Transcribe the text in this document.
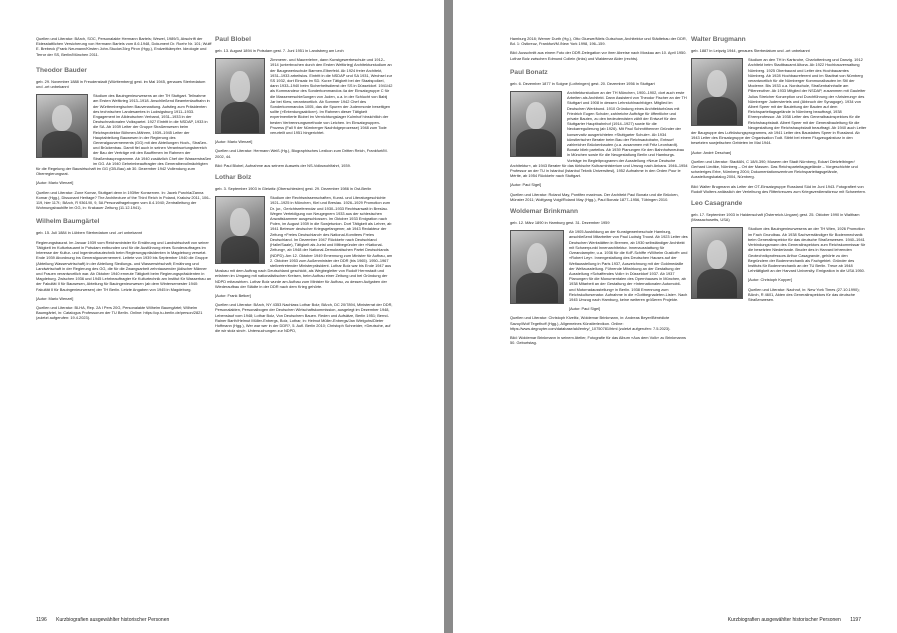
Quellen und Literatur: BArch, SOC, Personalakte Hermann Bartels; Wewel, 1989/3, Abschrift der Eidesstattlichen Versicherung von Hermann Bartels vom 8.6.1948, Dokument Dr. Roehr Nr. 101; Wulff E. Brebeck (Frank Neumann/Kirsten John-Stucke/Jörg Piron (Hgg.), Endzeitkämpfer. Ideologie und Terror der SS, Berlin/München 2011.

Theodor Bauder

geb. 29. November 1888 in Freudenstadt (Württemberg) gest. im Mai 1945, genaues Sterbedatum und -ort unbekannt

Studium des Bauingenieurwesens an der TH Stuttgart. Teilnahme am Ersten Weltkrieg 1913–1918. Anschließend Beamtenlaufbahn in der Württembergischen Bauverwaltung. Aufstieg zum Präsidenten des technischen Landesamtes in Ludwigsburg 1911–1933. Engagement im Alldeutschen Verband, 1931–1933 in der Deutschnationalen Volkspartei. 1927 Eintritt in die NSDAP, 1933 in die SA. Ab 1939 Leiter der Gruppe Straßenwesen beim Reichsprotektor Böhmen-Mähren, 1939–1945 Leiter der Hauptabteilung Bauwesen in der Regierung des Generalgouvernements (GG) mit den Abteilungen Hoch-, Straßen- und Brückenbau. Damit fiel auch in seinen Verantwortungsbereich der Bau der Verträge mit den Bauffirmen im Rahmen der Straßenbauprogramme. Ab 1940 zusätzlich Chef der Wasserstraßen im GG. Ab 1940 Geheimbeauftragter des Generalbevollmächtigten für die Regelung der Bauwirtschaft im GG (GB-Bau) ab 30. Dezember 1942 Vollendung zum Oberregierungsrat.

[Autor: Mario Wenzel]

Quellen und Literatur: Zone Komar, Stuttgart denn in 1939er Konserven. In: Jacek Purchla/Zanna Komar (Hgg.), Dissonant Heritage? The Architecture of the Third Reich in Poland, Kraków 2011, 106–119, hier 117f.; BArch, R 9361/III, 9, 5A Personalfragebogen vom 8.4.1940; Zentralleitung der Wohnungsbauhilfe im GG, in: Krakauer Zeitung (11.12.1941).

Wilhelm Baumgärtel

geb. 15. Juli 1884 in Lübben Sterbedatum und -ort unbekannt

Regierungsbaurat. Im Januar 1939 vom Reichsminister für Ernährung und Landwirtschaft von seiner Tätigkeit im Kulturbauamt in Potsdam entbunden und für die Ausführung eines Sonderauftrages im Interesse der Kultur- und Ingenieurbautechnik beim Regierungspräsidenten in Magdeburg versetzt. Ende 1939 Abordnung ins Generalgouvernement. Leitete von 1939 bis September 1940 die Gruppe (Abteilung Wasserwirtschaft) in der Abteilung Siedlungs- und Wasserwirtschaft; Ernährung und Landwirtschaft in der Regierung des GG, die für die Zwangsarbeit zehntausender jüdischer Männer und Frauen verantwortlich war. Ab Oktober 1940 erneute Tätigkeit beim Regierungspräsidenten in Magdeburg. Zwischen 1936 und 1945 Lehrbeauftragter für Kulturtechnik am Institut für Wasserbau an der Fakultät II für Bauwesen, Abteilung für Bauingenieurwesen (ab dem Wintersemester 1940: Fakultät II für Bauingenieurwesen) der TH Berlin. Letzte Angaben von 1945 in Magdeburg.

[Autor: Mario Wenzel]

Quellen und Literatur: BLHA, Rep. 2A I Pers 20G, Personalakte Wilhelm Baumgärtel; Wilhelm Baumgärtel, in: Catalogus Professorum der TU Berlin. Online: https://cp.tu-berlin.de/person/2821 (zuletzt aufgerufen: 19.4.2023).

Paul Blobel

geb. 13. August 1894 in Potsdam gest. 7. Juni 1951 in Landsberg am Lech

Zimmerer- und Maurerlehre, dann Kunstgewerbeschule und 1912–1914 (unterbrochen durch den Ersten Weltkrieg) Architekturstudium an der Baugewerkschule Barmen-Elberfeld. Ab 1924 freier Architekt, 1931–1933 arbeitslos. Eintritt in die NSDAP und SA 1931, Wechsel zur SS 1932, dort Einsatz im SD. Kurze Tätigkeit bei der Staatspolizei, dann 1933–1940 beim Sicherheitsdienst der SS in Düsseldorf. 1941/42 als Kommandeur des Sonderkommandos 4a der Einsatzgruppe C für die Massenerschießungen von Juden, u.a. in der Schlucht von Babij Jar bei Kiew, verantwortlich. Ab Sommer 1942 Chef des Sonderkommandos 1005, das die Spuren der Judenmorde beseitigen sollte (»Enterdungsaktion«). Im Rahmen dieser Tätigkeit experimentierte Blobel im Vernichtungslager Kulmhof hinsichtlich der besten Verbrennungsmethode von Leichen. Im Einsatzgruppen-Prozess (Fall 9 der Nürnberger Nachfolgeprozesse) 1948 zum Tode verurteilt und 1951 hingerichtet.

[Autor: Mario Wenzel]

Quellen und Literatur: Hermann Weiß (Hg.), Biographisches Lexikon zum Dritten Reich, Frankfurt/M. 2002, 44.

Bild: Paul Blobel, Aufnahme aus seinem Ausweis der NS-Volkswohlfahrt, 1939.

Lothar Bolz

geb. 3. September 1903 in Gleiwitz (Oberschlesien) gest. 29. Dezember 1986 in Ost-Berlin

Studium der Rechtswissenschaften, Kunst- und Literaturgeschichte 1921–1925 in München, Kiel und Breslau. 1926–1929 Promotion zum Dr. jur., Gerichtsreferendar und 1930–1933 Rechtsanwalt in Breslau. Wegen Verteidigung von Neugegnern 1933 aus der schlesischen Anwaltskammer ausgeschlossen. Im Oktober 1933 Emigration nach Polen, im August 1939 in die Sowjetunion. Dort Tätigkeit als Lehrer, ab 1941 Betreuer deutscher Kriegsgefangener, ab 1943 Redakteur der Zeitung »Freies Deutschland« des National-Komitees Freies Deutschland. Im Dezember 1947 Rückkehr nach Deutschland (Halle/Saale), Tätigkeit als Jurist und Mitbegründer der »National-Zeitung«, ab 1948 der National-Demokratischen Partei Deutschlands (NDPD). Am 12. Oktober 1949 Ernennung zum Minister für Aufbau, am 2. Oktober 1953 zum Außenminister der DDR (bis 1965). 1950–1967 stellvertretender Ministerpräsident. Lothar Bolz war bis Ende 1947 aus Moskau mit dem Auftrag nach Deutschland geschickt, als Wegbegleiter von Rudolf Herrnstadt und erfahren im Umgang mit nationalistischen Kreisen, beim Aufbau einer Zeitung und bei Gründung der NDPD mitzuwirken. Lothar Bolz wurde am Aufbau zum Minister für Aufbau, zu dessen Aufgaben der Wiederaufbau der Städte in der DDR nach dem Krieg gehörte.

[Autor: Frank Betker]

Quellen und Literatur: BArch, NY 4353 Nachlass Lothar Bolz; BArch, DC 20/7894, Ministerrat der DDR, Personalakten, Personalbogen der Deutschen Wirtschaftskommission, ausgelegt im Dezember 1948, Lebenslauf vom 1948; Lothar Bolz, Von Deutschem Bauen. Reden und Aufsätze, Berlin 1951; Bernd-Rainer Barth/Helmut Müller-Enbergs, Bolz, Lothar, in: Helmut Müller-Enbergs/Jan Wielgohs/Dieter Hoffmann (Hgg.), Wer war wer in der DDR?, 5. Aufl. Berlin 2010; Christoph Schneider, »Deutsche, auf die wir stolz sind«. Untersuchungen zur NDPD,

1196 Kurzbiografien ausgewählter historischer Personen

Hamburg 2018; Werner Durth (Hg.), Otto Gluewe/Niels Gutschow, Architektur und Städtebau der DDR, Bd. 1: Ostkreuz, Frankfurt/M./New York 1998, 196–159.

Bild: Ausschnitt aus einem Foto der DDR-Delegation vor ihrer Abreise nach Moskau am 10. April 1950. Lothar Bolz zwischen Edmund Collein (links) und Waldemar Alder (rechts).

Paul Bonatz

geb. 6. Dezember 1877 in Solgne (Lothringen) gest. 20. Dezember 1956 in Stuttgart

Architekturstudium an der TH München, 1900–1902, dort auch erste Arbeiten als Architekt. Dann Assistent von Theodor Fischer an der TH Stuttgart und 1908 in dessen Lehrstuhlnachfolger. Mitglied im Deutschen Werkbund. 1910 Gründung eines Architekturbüros mit Friedrich Eugen Scholer, zahlreiche Aufträge für öffentliche und private Bauten, zu den bedeutendsten zählt der Entwurf für den Stuttgarter Hauptbahnhof (1914–1927) sowie für die Neckarregulierung (ab 1926). Mit Paul Schmitthenner Gründer der konservativ ausgerichteten »Stuttgarter Schule«. Ab 1934 künstlerischer Berater beim Bau der Reichsautobahn, Entwurf zahlreicher Brückenbauten (u.a. zusammen mit Fritz Leonhardt). Bonatz blieb parteilos. Ab 1939 Planungen für den Bahnhofsneubau in München sowie für die Neugestaltung Berlin und Hamburgs. Vorträge im Begleitprogramm der Ausstellung »Neue Deutsche Architektur«, ab 1943 Berater für das türkische Kultusministerium und Umzug nach Ankara. 1946–1954 Professor an der TU in Istanbul (Istanbul Teknik Üniversitesi), 1952 Aufnahme in den Orden Pour le Mérite, ab 1954 Rückkehr nach Stuttgart.

[Autor: Paul Sigel]

Quellen und Literatur: Roland May, Pontifex maximus. Der Architekt Paul Bonatz und die Brücken, Münster 2011; Wolfgang Voigt/Roland May (Hgg.), Paul Bonatz 1877–1956, Tübingen 2010.

Woldemar Brinkmann

geb. 12. März 1890 in Hamburg gest. 31. Dezember 1959

Ab 1905 Ausbildung an der Kunstgewerbeschule Hamburg, anschließend Mitarbeiter von Paul Ludwig Troost. Ab 1923 Leiter des Deutschen Werkstätten in Bremen, ab 1930 selbständiger Architekt mit Schwerpunkt Innenarchitektur. Innenausstattung für Ozeandampfer, u.a. 1936 für die KdF-Schiffe »Wilhelm Gustloff« und »Robert Ley«. Innengestaltung des Deutschen Hauses auf der Weltausstellung in Paris 1937, Auszeichnung mit der Goldmedaille der Weltausstellung. Führende Mitwirkung an der Gestaltung der Ausstellung »Schaffendes Volk« in Düsseldorf 1937. Ab 1937 Planungen für die Monumentalen des Opernhauses in München, ab 1938 Mitarbeit an der Gestaltung der »Internationalen Automobil- und Motorradausstellung« in Berlin. 1938 Ernennung zum Reichskultursenator. Aufnahme in die »Gottbegnadeten-Liste«. Nach 1945 Umzug nach Hamburg, keine weiteren größeren Projekte.

[Autor: Paul Sigel]

Quellen und Literatur: Christoph Kivelitz, Woldemar Brinkmann, in: Andreas Beyer/Bénédicte Savoy/Wolf Tegethoff (Hgg.), Allgemeines Künstlerlexikon. Online: https://www.degruyter.com/database/akl/entry/_10750781/html (zuletzt aufgerufen: 7.5.2023).

Bild: Woldemar Brinkmann in seinem Atelier, Fotografie für das Album »Aus dem Volk« zu Brinkmanns 50. Geburtstag.

Walter Brugmann

geb. 1887 in Leipzig 1944, genaues Sterbedatum und -ort unbekannt

Studium an den TH in Karlsruhe, Charlottenburg und Danzig. 1912 Architekt beim Stadtbauamt Altona. Ab 1922 Hochbauverwaltung Nürnberg. 1925 Oberbaurat und Leiter des Hochbauamtes Nürnberg. Ab 1928 Hochbaureferent und im Stadtrat von Nürnberg verantwortlich für die Nürnberger Kommunalbauten im Stil der Moderne. Bis 1933 u.a. Nordschule, Straßenbahnhalle am Pillenreuther. Ab 1933 Mitglied der NSDAP, zusammen mit Gauleiter Julius Streicher Konzeption und Durchführung der »Arisierung« des Nürnberger Judenviertels und (Abbruch der Synagoge). 1934 von Albert Speer mit der Bauleitung der Bauten auf dem Reichsparteitagsgelände in Nürnberg beauftragt, 1938 Ehrenprofessor. Ab 1938 Leiter des Generalbauinspektors für die Reichshauptstadt. Albert Speer mit der Generalbauleitung für die Neugestaltung der Reichshauptstadt beauftragt. Ab 1940 auch Leiter der Baugruppe des Luftrüstungsprogramms, ab 1941 Leiter des Baustabes Speer in Russland. Ab 1943 Leiter des Einsatzgruppe der Organisation Todt. Stirbt bei einem Flugzeugabsturz in den besetzten sowjetischen Gebieten im Mai 1944.

[Autor: André Deschan]

Quellen und Literatur: StadtAN, C 18/II-390; Museen der Stadt Nürnberg, Eckart Dietzfelbinger/ Gerhard Liedtke, Nürnberg – Ort der Massen. Das Reichsparteitagsgelände – Vorgeschichte und schwieriges Erbe, Nürnberg 2004; Dokumentationszentrum Reichsparteitagsgelände, Ausstellungskatalog 2004, Nürnberg.

Bild: Walter Brugmann als Leiter der OT-Einsatzgruppe Russland Süd im Juni 1943. Fotografiert von Rudolf Wolters anlässlich der Verleihung des Ritterkreuzes zum Kriegsverdienstkreuz mit Schwertern.

Leo Casagrande

geb. 17. September 1903 in Haidenschaft (Österreich-Ungarn) gest. 25. Oktober 1990 in Waltham (Massachusetts, USA)

Studium des Bauingenieurwesens an der TH Wien, 1926 Promotion im Fach Grundbau. Ab 1938 Sachverständiger für Bodenmechanik beim Generalinspektor für das deutsche Straßenwesen. 1940–1941 Verbindungsmann des Generalinspektors zum Reichskommissar für die besetzten Niederlande. Bruder des in Harvard lehrenden Geotechnikprofessors Arthur Casagrande, gehörte zu den Begründern der Bodenmechanik als Fachgebiet. Gründer des Instituts für Bodenmechanik an der TU Berlin. Treue ab 1948 Lehrtätigkeit an der Harvard University. Emigration in die USA 1950.

[Autor: Christoph Kopper]

Quellen und Literatur: Nachruf, in: New York Times (27.10.1990); BArch, R 4601, Akten des Generalinspektors für das deutsche Straßenwesen.

Kurzbiografien ausgewählter historischer Personen 1197
